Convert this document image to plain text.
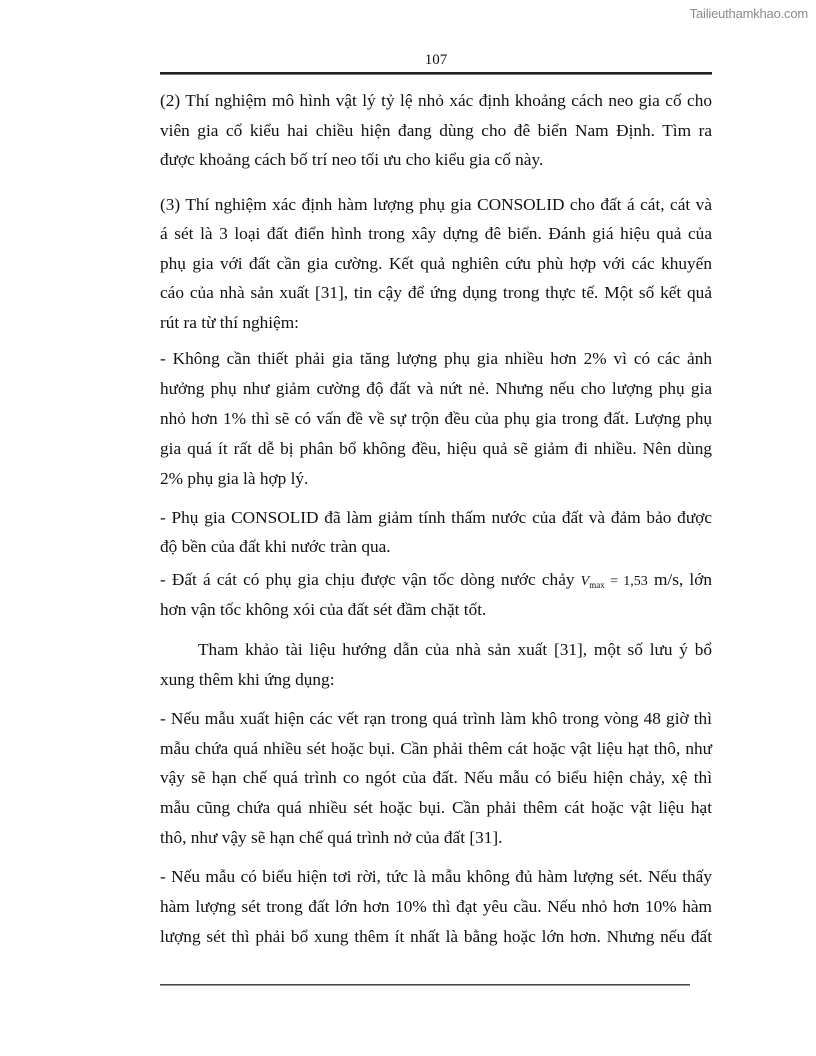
Tailieuthamkhao.com
107
(2) Thí nghiệm mô hình vật lý tỷ lệ nhỏ xác định khoảng cách neo gia cố cho
viên gia cố kiểu hai chiều hiện đang dùng cho đê biển Nam Định. Tìm ra
được khoảng cách bố trí neo tối ưu cho kiểu gia cố này.
(3) Thí nghiệm xác định hàm lượng phụ gia CONSOLID cho đất á cát, cát và
á sét là 3 loại đất điển hình trong xây dựng đê biển. Đánh giá hiệu quả của
phụ gia với đất cần gia cường. Kết quả nghiên cứu phù hợp với các khuyến
cáo của nhà sản xuất [31], tin cậy để ứng dụng trong thực tế. Một số kết quả
rút ra từ thí nghiệm:
- Không cần thiết phải gia tăng lượng phụ gia nhiều hơn 2% vì có các ảnh
hưởng phụ như giảm cường độ đất và nứt nẻ. Nhưng nếu cho lượng phụ gia
nhỏ hơn 1% thì sẽ có vấn đề về sự trộn đều của phụ gia trong đất. Lượng phụ
gia quá ít rất dễ bị phân bổ không đều, hiệu quả sẽ giảm đi nhiều. Nên dùng
2% phụ gia là hợp lý.
- Phụ gia CONSOLID đã làm giảm tính thấm nước của đất và đảm bảo được
độ bền của đất khi nước tràn qua.
- Đất á cát có phụ gia chịu được vận tốc dòng nước chảy $V_{max} = 1,53$ m/s, lớn
hơn vận tốc không xói của đất sét đầm chặt tốt.
Tham khảo tài liệu hướng dẫn của nhà sản xuất [31], một số lưu ý bổ
xung thêm khi ứng dụng:
- Nếu mẫu xuất hiện các vết rạn trong quá trình làm khô trong vòng 48 giờ thì
mẫu chứa quá nhiều sét hoặc bụi. Cần phải thêm cát hoặc vật liệu hạt thô, như
vậy sẽ hạn chế quá trình co ngót của đất. Nếu mẫu có biểu hiện chảy, xệ thì
mẫu cũng chứa quá nhiều sét hoặc bụi. Cần phải thêm cát hoặc vật liệu hạt
thô, như vậy sẽ hạn chế quá trình nở của đất [31].
- Nếu mẫu có biểu hiện tơi rời, tức là mẫu không đủ hàm lượng sét. Nếu thấy
hàm lượng sét trong đất lớn hơn 10% thì đạt yêu cầu. Nếu nhỏ hơn 10% hàm
lượng sét thì phải bổ xung thêm ít nhất là bằng hoặc lớn hơn. Nhưng nếu đất
